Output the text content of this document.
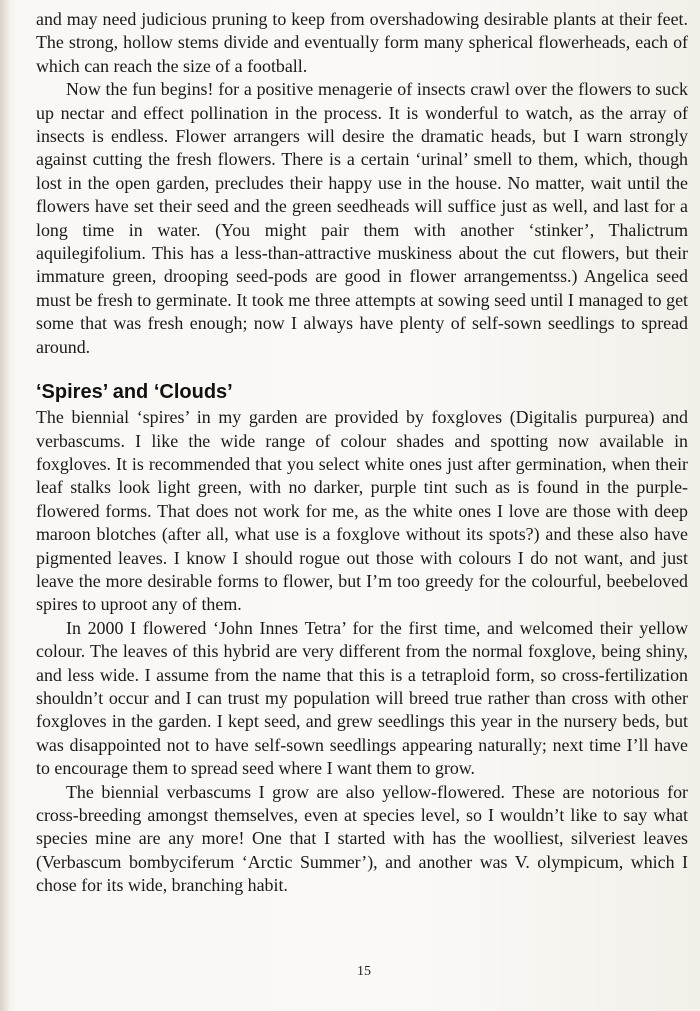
and may need judicious pruning to keep from overshadowing desirable plants at their feet. The strong, hollow stems divide and eventually form many spherical flowerheads, each of which can reach the size of a football.

Now the fun begins! for a positive menagerie of insects crawl over the flowers to suck up nectar and effect pollination in the process. It is wonderful to watch, as the array of insects is endless. Flower arrangers will desire the dramatic heads, but I warn strongly against cutting the fresh flowers. There is a certain ‘urinal’ smell to them, which, though lost in the open garden, precludes their happy use in the house. No matter, wait until the flowers have set their seed and the green seedheads will suffice just as well, and last for a long time in water. (You might pair them with another ‘stinker’, Thalictrum aquilegifolium. This has a less-than-attractive muskiness about the cut flowers, but their immature green, drooping seed-pods are good in flower arrangementss.) Angelica seed must be fresh to germinate. It took me three attempts at sowing seed until I managed to get some that was fresh enough; now I always have plenty of self-sown seedlings to spread around.

‘Spires’ and ‘Clouds’

The biennial ‘spires’ in my garden are provided by foxgloves (Digitalis purpurea) and verbascums. I like the wide range of colour shades and spotting now available in foxgloves. It is recommended that you select white ones just after germination, when their leaf stalks look light green, with no darker, purple tint such as is found in the purple-flowered forms. That does not work for me, as the white ones I love are those with deep maroon blotches (after all, what use is a foxglove without its spots?) and these also have pigmented leaves. I know I should rogue out those with colours I do not want, and just leave the more desirable forms to flower, but I’m too greedy for the colourful, beebeloved spires to uproot any of them.

In 2000 I flowered ‘John Innes Tetra’ for the first time, and welcomed their yellow colour. The leaves of this hybrid are very different from the normal foxglove, being shiny, and less wide. I assume from the name that this is a tetraploid form, so cross-fertilization shouldn’t occur and I can trust my population will breed true rather than cross with other foxgloves in the garden. I kept seed, and grew seedlings this year in the nursery beds, but was disappointed not to have self-sown seedlings appearing naturally; next time I’ll have to encourage them to spread seed where I want them to grow.

The biennial verbascums I grow are also yellow-flowered. These are notorious for cross-breeding amongst themselves, even at species level, so I wouldn’t like to say what species mine are any more! One that I started with has the woolliest, silveriest leaves (Verbascum bombyciferum ‘Arctic Summer’), and another was V. olympicum, which I chose for its wide, branching habit.

15
